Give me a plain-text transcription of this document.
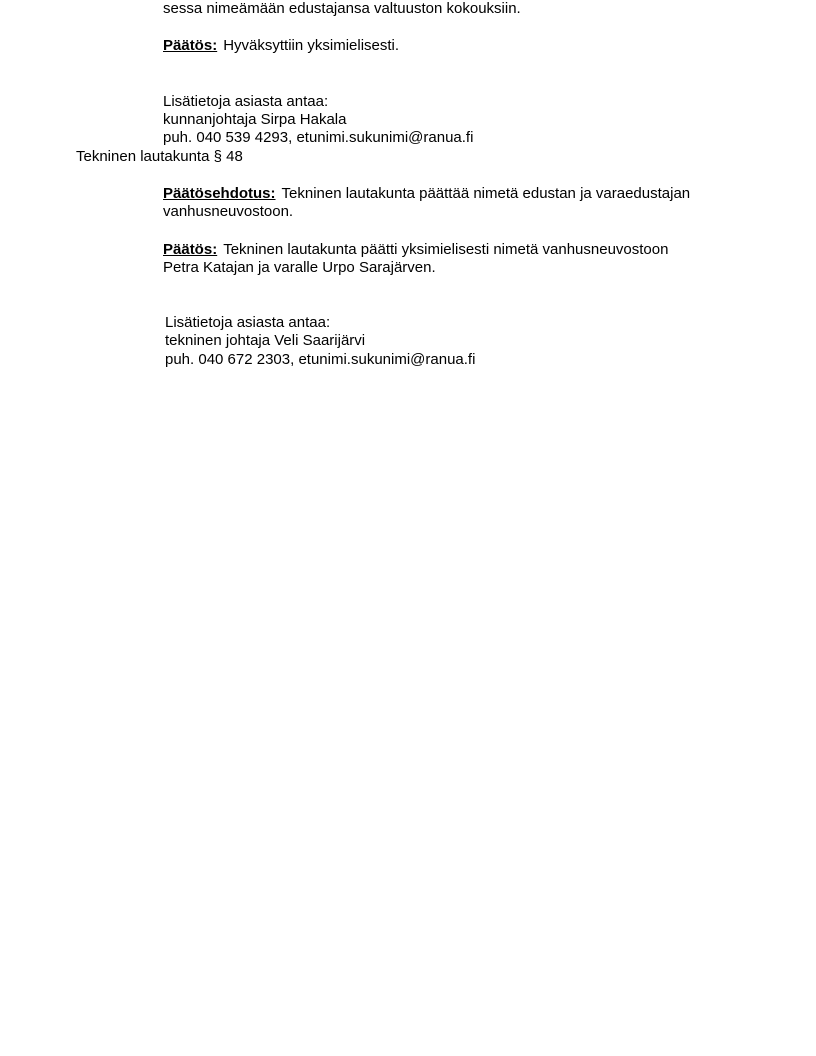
sessa nimeämään edustajansa valtuuston kokouksiin.

Päätös: Hyväksyttiin yksimielisesti.

Lisätietoja asiasta antaa:

kunnanjohtaja Sirpa Hakala

puh. 040 539 4293, etunimi.sukunimi@ranua.fi

Tekninen lautakunta § 48

Päätösehdotus: Tekninen lautakunta päättää nimetä edustan ja varaedustajan

vanhusneuvostoon.

Päätös: Tekninen lautakunta päätti yksimielisesti nimetä vanhusneuvostoon

Petra Katajan ja varalle Urpo Sarajärven.

Lisätietoja asiasta antaa:

tekninen johtaja Veli Saarijärvi

puh. 040 672 2303, etunimi.sukunimi@ranua.fi
